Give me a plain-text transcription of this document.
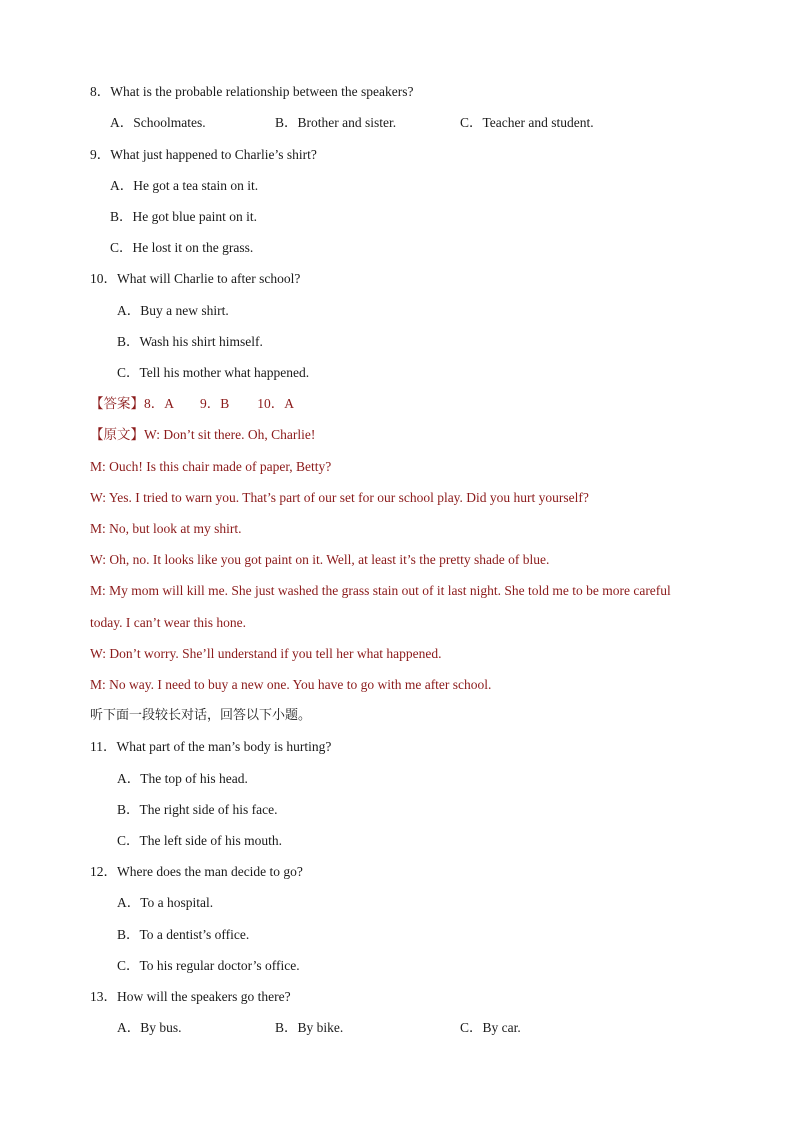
8．What is the probable relationship between the speakers?
A．Schoolmates.	B．Brother and sister.	C．Teacher and student.
9．What just happened to Charlie’s shirt?
A．He got a tea stain on it.
B．He got blue paint on it.
C．He lost it on the grass.
10．What will Charlie to after school?
A．Buy a new shirt.
B．Wash his shirt himself.
C．Tell his mother what happened.
【答案】8．A 9．B 10．A
【原文】W: Don’t sit there. Oh, Charlie!
M: Ouch! Is this chair made of paper, Betty?
W: Yes. I tried to warn you. That’s part of our set for our school play. Did you hurt yourself?
M: No, but look at my shirt.
W: Oh, no. It looks like you got paint on it. Well, at least it’s the pretty shade of blue.
M: My mom will kill me. She just washed the grass stain out of it last night. She told me to be more careful
today. I can’t wear this hone.
W: Don’t worry. She’ll understand if you tell her what happened.
M: No way. I need to buy a new one. You have to go with me after school.
听下面一段较长对话，回答以下小题。
11．What part of the man’s body is hurting?
A．The top of his head.
B．The right side of his face.
C．The left side of his mouth.
12．Where does the man decide to go?
A．To a hospital.
B．To a dentist’s office.
C．To his regular doctor’s office.
13．How will the speakers go there?
A．By bus.	B．By bike.	C．By car.
